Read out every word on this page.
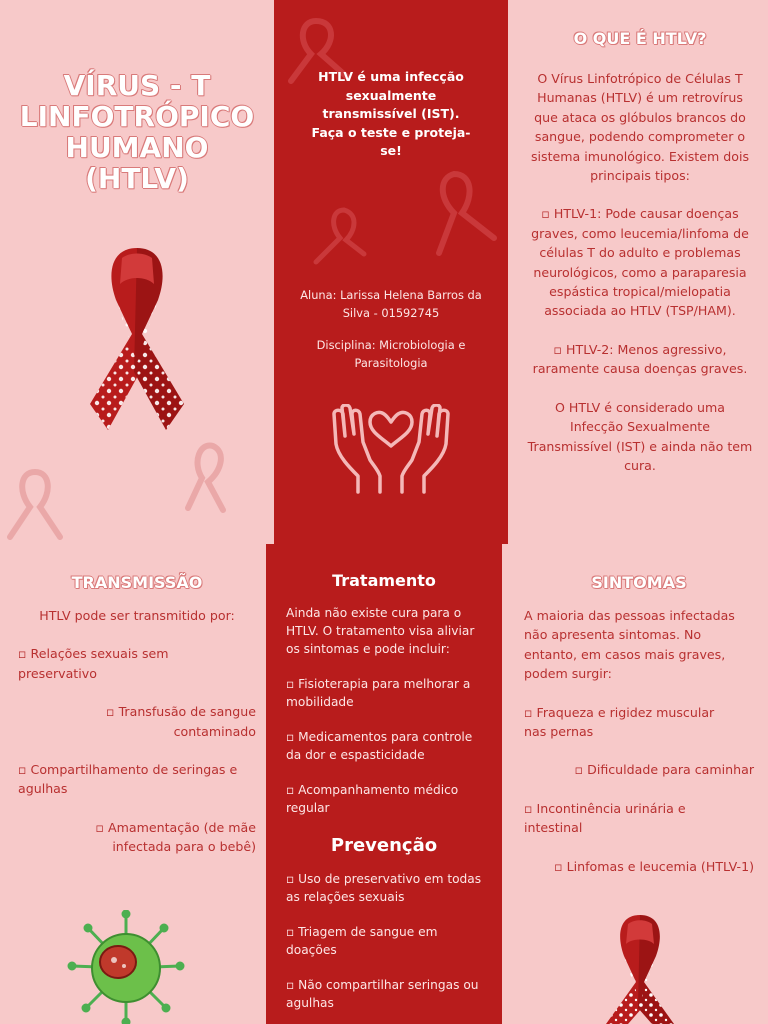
HTLV é uma infecção

sexualmente

transmissível (IST).

Faça o teste e proteja-

se!

Aluna: Larissa Helena Barros da

Silva - 01592745

Disciplina: Microbiologia e

Parasitologia

VÍRUS - T

LINFOTRÓPICO

HUMANO

(HTLV)

O QUE É HTLV?

O Vírus Linfotrópico de Células T

Humanas (HTLV) é um retrovírus

que ataca os glóbulos brancos do

sangue, podendo comprometer o

sistema imunológico. Existem dois

principais tipos:

▫ HTLV-1: Pode causar doenças

graves, como leucemia/linfoma de

células T do adulto e problemas

neurológicos, como a paraparesia

espástica tropical/mielopatia

associada ao HTLV (TSP/HAM).

▫ HTLV-2: Menos agressivo,

raramente causa doenças graves.

O HTLV é considerado uma

Infecção Sexualmente

Transmissível (IST) e ainda não tem

cura.

TRANSMISSÃO

HTLV pode ser transmitido por:

▫ Relações sexuais sem

preservativo

▫ Transfusão de sangue

contaminado

▫ Compartilhamento de seringas e

agulhas

▫ Amamentação (de mãe

infectada para o bebê)

Tratamento

Ainda não existe cura para o

HTLV. O tratamento visa aliviar

os sintomas e pode incluir:

▫ Fisioterapia para melhorar a

mobilidade

▫ Medicamentos para controle

da dor e espasticidade

▫ Acompanhamento médico

regular

Prevenção

▫ Uso de preservativo em todas

as relações sexuais

▫ Triagem de sangue em

doações

▫ Não compartilhar seringas ou

agulhas

SINTOMAS

A maioria das pessoas infectadas

não apresenta sintomas. No

entanto, em casos mais graves,

podem surgir:

▫ Fraqueza e rigidez muscular

nas pernas

▫ Dificuldade para caminhar

▫ Incontinência urinária e

intestinal

▫ Linfomas e leucemia (HTLV-1)
